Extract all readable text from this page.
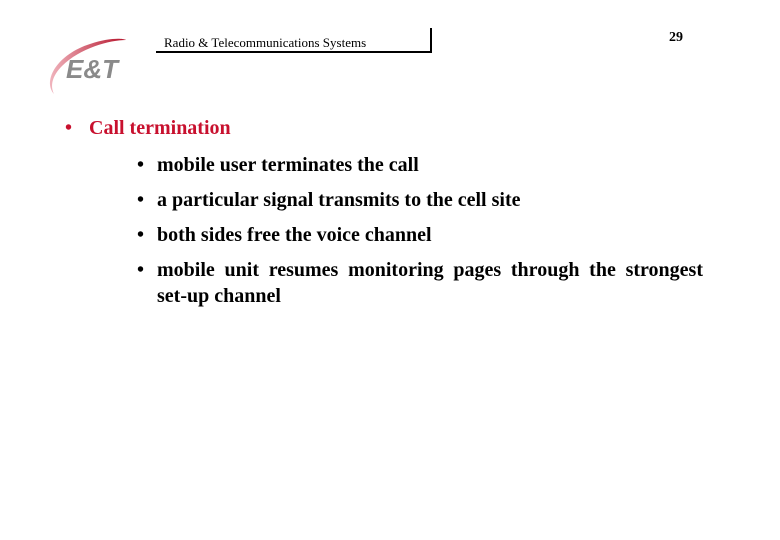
E&T
Radio & Telecommunications Systems	29
• Call termination
• mobile user terminates the call
• a particular signal transmits to the cell site
• both sides free the voice channel
• mobile unit resumes monitoring pages through the strongest set-up channel
